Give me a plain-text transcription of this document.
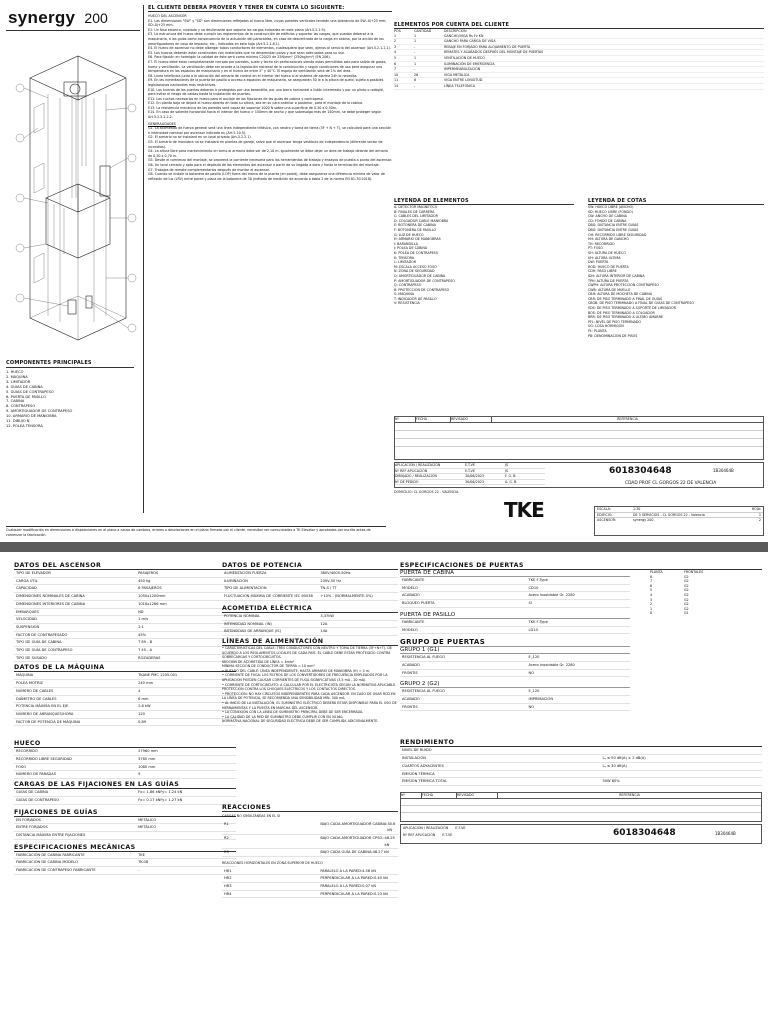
synergy 200
COMPONENTES PRINCIPALES
1. HUECO
2. MÁQUINA
3. LIMITADOR
4. GUÍAS DE CABINA
5. GUÍAS DE CONTRAPESO
6. PUERTA DE PASILLO
7. CABINA
8. CONTRAPESO
9. AMORTIGUADOR DE CONTRAPESO
10. ARMARIO DE MANIOBRA
11. DIBUJO N
12. POLEA TENSORA
EL CLIENTE DEBERÁ PROVEER Y TENER EN CUENTA LO SIGUIENTE:
HUECO DEL ASCENSOR
E1. Las dimensiones "SW" y "SD" son dimensiones reflejadas al hueco libre, cuyas paredes verticales tendrán una tolerancia de SW:-0/+25 mm; SD:-0/+25 mm.
E2. Un foso estanco, nivelado y no desliznante que soporte las cargas indicadas en este plano (Art.5.2.1.9).
E3. La estructura del hueco debe cumplir los reglamentos de la construcción de edificios y soportar las cargas, que puedan deberse a la maquinaria, a las guías como consecuencia de la actuación del paracaídas, en caso de descentrado de la carga en cabina, por la acción de los amortiguadores en caso de impacto, etc., indicadas en esta hoja (Art.5.2.1.8.1).
E4. El hueco de ascensor no debe albergar tubos conductores de elementos, cualesquiera que sean, ajenos al servicio del ascensor (Art.5.2.1.2.1).
E5. Los huecos deberán estar construidos con materiales que no desprendan polvo y que sean adecuados para su uso.
E6. Para fijación en hormigón la calidad de éste será como mínimo C20/25 de 25N/mm² (250kg/cm²) (EN 206).
E7. El hueco debe estar completamente cerrado por paredes, suelo y techo sin perforaciones siendo estas permitidas solo para salida de gases, humo y ventilación. La ventilación debe ser acorde a la legislación nacional de la construcción y según condiciones de uso para asegurar una temperatura en los espacios de maquinaria y en el hueco de entre 5° y 40°C. El espejo de ventilación será de 1% del área.
E8. Línea telefónica junto a la ubicación del armario de control en el interior del hueco si el sistema de alarma 24h lo necesita.
E9. En las inmediaciones de la puerta de pasillo o acceso a espacios de maquinaria, se asegurarán 50 lx a la altura de suelo; sujeto a posibles legislaciones nacionales más restrictivas.
E10. Los huecos de las puertas deberán ir protegidos por una barandilla, por una barra horizontal o listón intermedio y por un plinto o rodapié, para evitar el riesgo de caídas hasta la instalación de puertas.
E11. Los cuchos necesarios en hueco para el anclaje de las fijaciones de las guías de cabina y contrapeso.
E12. En planta baja se dejará el hueco abierto en toda su altura, sea en su cara anterior o posterior, para el montaje de la cabina.
E13. La resistencia mecánica de las paredes será capaz de soportar 1000 N sobre una superficie de 0,30 x 0,30m.
E14. En caso de saliente horizontal hacia el interior del hueco > 150mm de ancho y que sobresalga más de 150mm, se debe proteger según Art.5.2.5.2.2.2.
GENERALIDADES
G1. La acometida de fuerza general será una línea independiente trifásica, con neutro y toma de tierra (3F + N + T), se calculará para una sección e intensidad nominal por ascensor indicada en (Art.5.10.5).
G2. El armario no se instalará en un local privado (Art.5.2.2.1).
G3. El armario de maniobra no se instalará en plantas de garaje, salvo que el ascensor tenga vestíbulo de independencia (diferente sector de incendios).
G4. La altura libre para mantenimiento en torno al armario debe ser de 2,10 m. Igualmente se debe dejar un área de trabajo delante del armario de 0,50 x 0,70 m.
G5. Desde el comienzo del montaje, se proveerá la corriente necesaria para las herramientas de trabajo y ensayos de puesta a punto del ascensor.
G6. Un local cerrado y apto para el depósito de los elementos del ascensor a partir de su llegada a obra y hasta la terminación del montaje.
G7. Trabajos de remate complementarios después de montar el ascensor.
G8. Cuando se instale la botonera de pasillo (LOP) fuera del marco de la puerta (en pared), debe asegurarse una diferencia mínima de valor de reflexión de luz (LRV) entre pared y placa de la botonera de 30 (método de medición de acuerdo a tabla 2 de la norma EN 81-70:2018).
ELEMENTOS POR CUENTA DEL CLIENTE
POS	CANTIDAD	DESCRIPCIÓN
1	1	GANCHO/VIGA Rs Fv KN
2	1	GANCHO PARA CARGA DE VIGA
3	-	REBAJE EN FORJADO PARA ALOJAMIENTO DE PUERTA
4	-	REMATES Y ACABADOS DESPUÉS DEL MONTAJE DE PUERTAS
5	1	VENTILACIÓN DE HUECO
6	1	ILUMINACIÓN DE EMERGENCIA
7	-	IMPERMEABILIZACIÓN
10	26	VIGA METÁLICA
11	6	VIGA ENTRE LONGITUD
14	-	LÍNEA TELEFÓNICA
LEYENDA DE ELEMENTOS
A: DETECTOR MAGNÉTICO
B: FINALES DE CARRERA
C: CABLES DEL LIMITADOR
D: COLGADOR CABLE MANIOBRA
E: BOTONERA DE CABINA
F: BOTONERA DE PASILLO
G: LUZ DE HUECO
H: ARMARIO DE MANIOBRAS
I: BARANDILLA
J: POLEA DE CABINA
K: POLEA DE CONTRAPESO
K: TENSORA
L: LIMITADOR
M: ESCALA ACCESO FOSO
N: ZONA DE SEGURIDAD
O: AMORTIGUADOR DE CABINA
P: AMORTIGUADOR DE CONTRAPESO
Q: CONTRAPESO
R: PROTECCIÓN DE CONTRAPESO
S: MÁQUINA
T: INDICADOR DE PASILLO
V: RESISTENCIA
LEYENDA DE COTAS
SW: HUECO LIBRE (ANCHO)
SD: HUECO LIBRE (FONDO)
CW: ANCHO DE CABINA
CD: FONDO DE CABINA
DBG: DISTANCIA ENTRE GUÍAS
DBG: DISTANCIA ENTRE GUÍAS
OH: RECORRIDO LIBRE SEGURIDAD
HH: ALTURA DE GANCHO
TH: RECORRIDO
PT: FOSO
SH: ALTURA DE HUECO
UH: ALTURA ÚLTIMA
DW: PUERTA
ROD: HUECO DE PUERTA
CDH: PASO LIBRE
IDH: ALTURA INTERIOR DE CABINA
TPH: ALTURA DE PUERTA
CWPH: ALTURA PROTECCIÓN CONTRAPESO
CWB: ALTURA DE MUELLE
CBH: ALTURA DE MOCHETA DE CABINA
CBR: DE PISO TERMINADO A FINAL DE GUÍAS
CBGB: DE PISO TERMINADO A FINAL DE GUÍAS DE CONTRAPESO
SDS: DE PISO TERMINADO A SOPORTE DE LIMITADOR
BOS: DE PISO TERMINADO A COLGADOR
BRR: DE PISO TERMINADO A ÚLTIMO AMARRE
PFL: NIVEL DE PISO TERMINADO
UG: LOSA HORMIGÓN
PL: PLANTA
PB: DENOMINACIÓN DE PISOS
Nº	FECHA	REVISADO	REFERENCIA
APLICACIÓN / REALIZACIÓN	E-T-VE	JS
Nº REF APLICACIÓN	E-T-VE	JS
DIBUJADO / REALIZACIÓN	30/06/2023	F. G. B.
Nº DE PEDIDO	30/06/2023	A. G. B.
6018304648	1B30464B
CDAD PROF CL GORGOS 22 DE VALENCIA
DOMICILIO: CL GORGOS 22 - VALENCIA
TKE	ESCALA:	1:30	HOJA:
EDIFICIO:	DE 3 SERVICIOS - CL GORGOS 22 - Valencia	1
ASCENSOR:	synergy 200	2
Cualquier modificación en dimensiones o disposiciones en el plano a causa de cambios, errores o desviaciones en el plano firmado por el cliente, necesitan ser comunicadas a TK Elevator y aprobadas por escrito antes de comenzar la fabricación.
DATOS DEL ASCENSOR
TIPO DE ELEVADOR	PASAJEROS
CARGA ÚTIL	450 kg
CAPACIDAD	6 PASAJEROS
DIMENSIONES NOMINALES DE CABINA	1050x1200mm
DIMENSIONES INTERIORES DE CABINA	1016x1266 mm
EMBARQUES	ND
VELOCIDAD	1 m/s
SUSPENSIÓN	2:1
FACTOR DE CONTRAPESADO	45%
TIPO DE GUÍA DE CABINA	T 89 - B
TIPO DE GUÍA DE CONTRAPESO	T 45 - A
TIPO DE SUSADO	ROZADERAS
DATOS DE LA MÁQUINA
MÁQUINA	TKANE PMC 1205.001
POLEA MOTRIZ	240 mm
NÚMERO DE CABLES	4
DIÁMETRO DE CABLES	6 mm
POTENCIA MÁXIMA EN EL EJE	2.8 kW
NÚMERO DE ARRANQUES/HORA	120
FACTOR DE POTENCIA DE MÁQUINA	0,89
HUECO
RECORRIDO	27960 mm
RECORRIDO LIBRE SEGURIDAD	3760 mm
FOSO	1080 mm
NÚMERO DE PARADAS	9
CARGAS DE LAS FIJACIONES EN LAS GUÍAS
GUÍAS DE CABINA	Fx= 1.86 kN Fy= 1.24 kN
GUÍAS DE CONTRAPESO	Fx= 0.17 kN Fy= 1.27 kN
FIJACIONES DE GUÍAS
EN FORJADOS	METÁLICO
ENTRE FORJADOS	METÁLICO
DISTANCIA MÁXIMA ENTRE FIJACIONES
ESPECIFICACIONES MECÁNICAS
FABRICACIÓN DE CABINA FABRICANTE	TKE
FABRICACIÓN DE CABINA MODELO	TK-08
FABRICACIÓN DE CONTRAPESO FABRICANTE	-
DATOS DE POTENCIA
ALIMENTACIÓN FUERZA	380V/400V-50Hz
ILUMINACIÓN	230V-50 Hz
TIPO DE ALIMENTACIÓN	TN-S / TT
FLUCTUACIÓN MÁXIMA DE CORRIENTE IEC 60038	+10% - (NORMALMENTE-5%)
ACOMETIDA ELÉCTRICA
POTENCIA NOMINAL	3,37kW
INTENSIDAD NOMINAL (IN)	12A
INTENSIDAD DE ARRANQUE (IS)	14A
LÍNEAS DE ALIMENTACIÓN
• CARACTERÍSTICAS DEL CABLE: TRES CONDUCTORES CON NEUTRO Y TOMA DE TIERRA (3F+N+T), DE ACUERDO A LOS REGLAMENTOS LOCALES DE CADA PAÍS. EL CABLE DEBE ESTAR PROTEGIDO CONTRA SOBRECARGAS Y CORTOCIRCUITOS.
SECCIÓN DE ACOMETIDA DE LÍNEA = 4mm²
MÍNIMA SECCIÓN DE CONDUCTOR DE TIERRA = 10 mm²
• RUTADO DEL CABLE: LÍNEA INDEPENDIENTE, HASTA ARMARIO DE MANIOBRA (H) = 4 m.
• CORRIENTE DE FUGA: LOS FILTROS DE LOS CONVERTIDORES DE FRECUENCIA EMPLEADOS POR LA APLICACIÓN PUEDEN CAUSAR CORRIENTES DE FUGA SIGNIFICATIVAS (3,5 mA - 20 mA).
• CORRIENTE DE CORTOCIRCUITO: A CALCULAR POR EL ELECTRICISTA SEGÚN LA NORMATIVA APLICABLE. PROTECCIÓN CONTRA LOS CHOQUES ELÉCTRICOS Y LOS CONTACTOS DIRECTOS.
• PROTECCIÓN: NO HAY CIRCUITOS INDEPENDIENTES PARA CADA ASCENSOR. EN CASO DE USAR RCD EN LA LÍNEA DE POTENCIA, SE RECOMIENDA UNA SENSIBILIDAD MÍN. 300 mA.
• AL INICIO DE LA INSTALACIÓN, EL SUMINISTRO ELÉCTRICO DEBERÁ ESTAR DISPONIBLE PARA EL USO DE HERRAMIENTAS Y LA PUESTA EN MARCHA DEL ASCENSOR.
• LA CONEXIÓN CON LA LÍNEA DE SUMINISTRO PRINCIPAL DEBE DE SER ENCERRADA.
• LA CALIDAD DE LA RED DE SUMINISTRO DEBE CUMPLIR CON EN 50160.
NORMATIVA NACIONAL DE SEGURIDAD ELÉCTRICA DEBE DE SER CUMPLIDA ADICIONALMENTE.
REACCIONES
CARGAS NO SIMULTÁNEAS EN EL SI
R1	BAJO CADA AMORTIGUADOR CABINA: 30.6 kN
R2	BAJO CADA AMORTIGUADOR CPSO.: 46.25 kN
R3	BAJO CADA GUÍA DE CABINA: 48.27 kN
REACCIONES HORIZONTALES EN ZONA SUPERIOR DE HUECO
HR1	PARALELO A LA PARED: 4.56 kN
HR2	PERPENDICULAR A LA PARED: 0.40 kN
HR3	PARALELO A LA PARED: 0.07 kN
HR4	PERPENDICULAR A LA PARED: 0.23 kN
ESPECIFICACIONES DE PUERTAS
PUERTA DE CABINA
FABRICANTE	TKE F-Type
MODELO	CD10
ACABADO	Acero inoxidable Gr. 2280
BLOQUEO PUERTA	SI
PUERTA DE PASILLO
FABRICANTE	TKE F-Type
MODELO	LD10
GRUPO DE PUERTAS
GRUPO 1 (G1)
RESISTENCIA AL FUEGO	E_120
ACABADO	Acero inoxidable Gr. 2280
FRONTIS	NO
GRUPO 2 (G2)
RESISTENCIA AL FUEGO	E_120
ACABADO	IMPRIMACIÓN
FRONTIS	NO
PLANTA	FRONTALES
8	G2
7	G2
6	G2
5	G2
4	G2
3	G2
2	G2
1	G2
0	G1
RENDIMIENTO
NIVEL DE RUIDO
INSTALACIÓN	Lₐ ≤ 50 dB(A) ± 2 dB(A)
CUARTOS ADYACENTES	Lₐ ≤ 30 dB(A)
EMISIÓN TÉRMICA
EMISIÓN TÉRMICA TOTAL	50W 60%
Nº	FECHA	REVISADO	REFERENCIA
APLICACIÓN / REALIZACIÓN E-T-VE
Nº REF APLICACIÓN E-T-VE	6018304648	1B30464B
